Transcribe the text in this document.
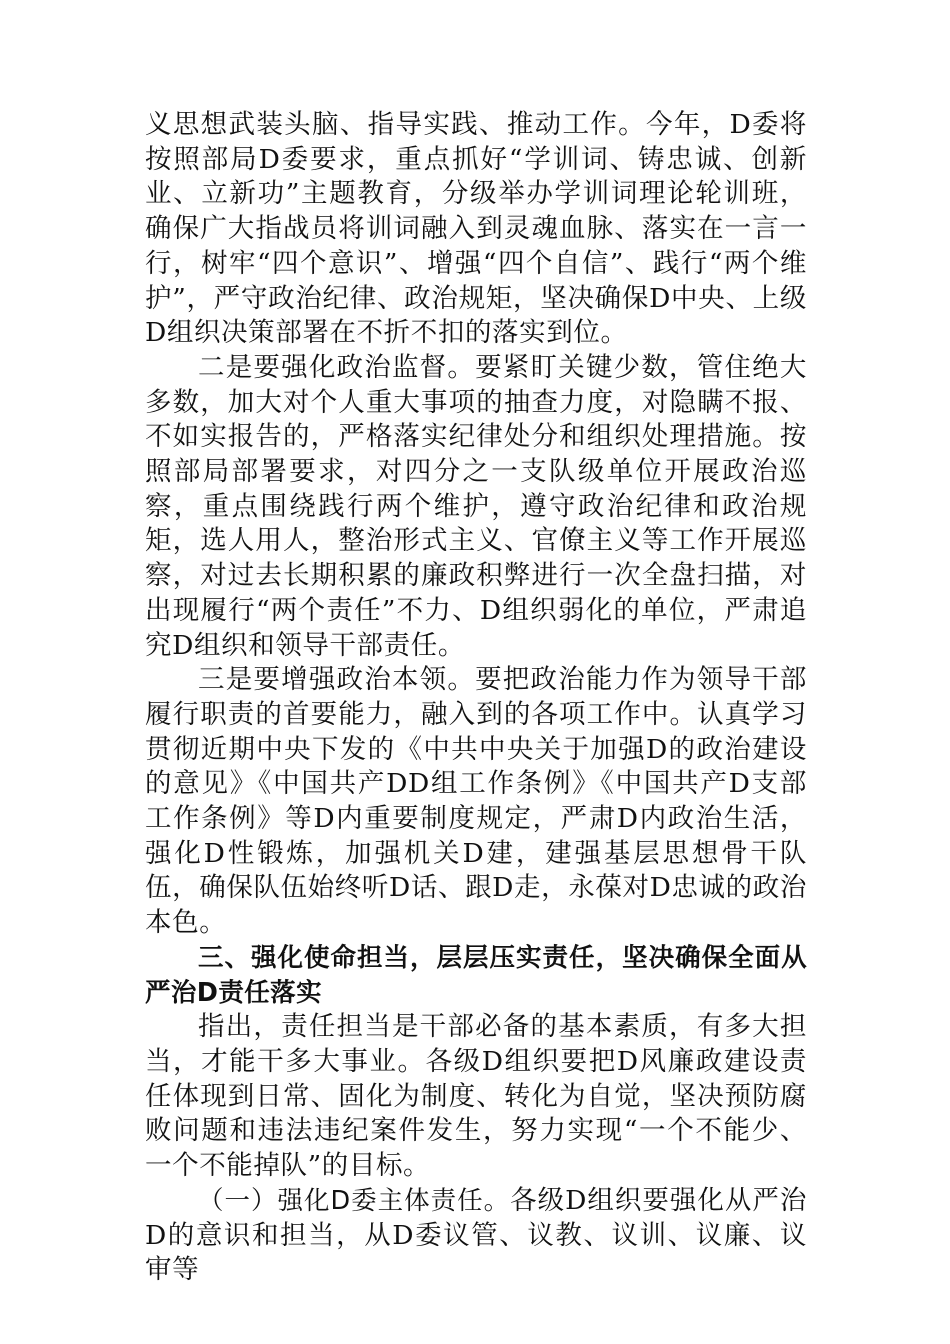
义思想武装头脑、指导实践、推动工作。今年，D委将按照部局D委要求，重点抓好“学训词、铸忠诚、创新业、立新功”主题教育，分级举办学训词理论轮训班，确保广大指战员将训词融入到灵魂血脉、落实在一言一行，树牢“四个意识”、增强“四个自信”、践行“两个维护”，严守政治纪律、政治规矩，坚决确保D中央、上级D组织决策部署在不折不扣的落实到位。

二是要强化政治监督。要紧盯关键少数，管住绝大多数，加大对个人重大事项的抽查力度，对隐瞒不报、不如实报告的，严格落实纪律处分和组织处理措施。按照部局部署要求，对四分之一支队级单位开展政治巡察，重点围绕践行两个维护，遵守政治纪律和政治规矩，选人用人，整治形式主义、官僚主义等工作开展巡察，对过去长期积累的廉政积弊进行一次全盘扫描，对出现履行“两个责任”不力、D组织弱化的单位，严肃追究D组织和领导干部责任。

三是要增强政治本领。要把政治能力作为领导干部履行职责的首要能力，融入到的各项工作中。认真学习贯彻近期中央下发的《中共中央关于加强D的政治建设的意见》《中国共产DD组工作条例》《中国共产D支部工作条例》等D内重要制度规定，严肃D内政治生活，强化D性锻炼，加强机关D建，建强基层思想骨干队伍，确保队伍始终听D话、跟D走，永葆对D忠诚的政治本色。

三、强化使命担当，层层压实责任，坚决确保全面从严治D责任落实

指出，责任担当是干部必备的基本素质，有多大担当，才能干多大事业。各级D组织要把D风廉政建设责任体现到日常、固化为制度、转化为自觉，坚决预防腐败问题和违法违纪案件发生，努力实现“一个不能少、一个不能掉队”的目标。

（一）强化D委主体责任。各级D组织要强化从严治D的意识和担当，从D委议管、议教、议训、议廉、议审等
